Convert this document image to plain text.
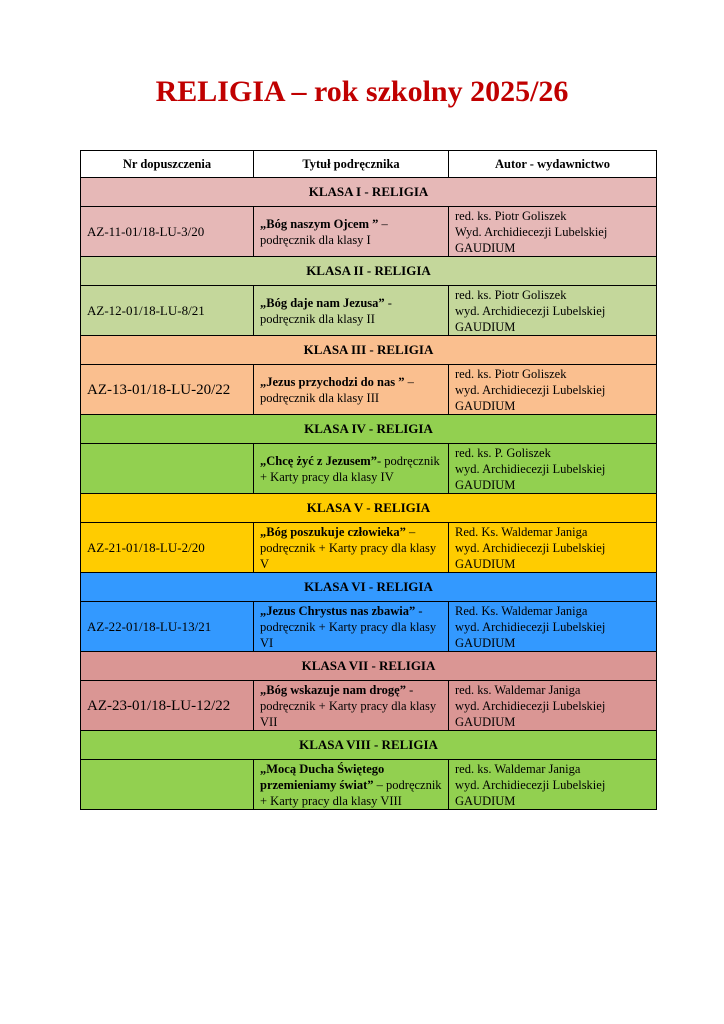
RELIGIA – rok szkolny 2025/26
Nr dopuszczenia	Tytuł podręcznika	Autor - wydawnictwo
KLASA I - RELIGIA		
AZ-11-01/18-LU-3/20	„Bóg naszym Ojcem ” – podręcznik dla klasy I	red. ks. Piotr Goliszek
Wyd. Archidiecezji Lubelskiej
GAUDIUM

KLASA II - RELIGIA		
AZ-12-01/18-LU-8/21	„Bóg daje nam Jezusa” - podręcznik dla klasy II	red. ks. Piotr Goliszek
wyd. Archidiecezji Lubelskiej
GAUDIUM

KLASA III - RELIGIA		
AZ-13-01/18-LU-20/22	„Jezus przychodzi do nas ” – podręcznik dla klasy III	red. ks. Piotr Goliszek
wyd. Archidiecezji Lubelskiej
GAUDIUM

KLASA IV - RELIGIA		
	„Chcę żyć z Jezusem”- podręcznik + Karty pracy dla klasy IV	red. ks. P. Goliszek
wyd. Archidiecezji Lubelskiej
GAUDIUM

KLASA V - RELIGIA		
AZ-21-01/18-LU-2/20	„Bóg poszukuje człowieka” – podręcznik + Karty pracy dla klasy V	Red. Ks. Waldemar Janiga
wyd. Archidiecezji Lubelskiej
GAUDIUM

KLASA VI - RELIGIA		
AZ-22-01/18-LU-13/21	„Jezus Chrystus nas zbawia” - podręcznik + Karty pracy dla klasy VI	Red. Ks. Waldemar Janiga
wyd. Archidiecezji Lubelskiej
GAUDIUM

KLASA VII - RELIGIA		
AZ-23-01/18-LU-12/22	„Bóg wskazuje nam drogę” - podręcznik + Karty pracy dla klasy VII	red. ks. Waldemar Janiga
wyd. Archidiecezji Lubelskiej
GAUDIUM

KLASA VIII - RELIGIA		
	„Mocą Ducha Świętego przemieniamy świat” – podręcznik + Karty pracy dla klasy VIII	red. ks. Waldemar Janiga
wyd. Archidiecezji Lubelskiej
GAUDIUM
